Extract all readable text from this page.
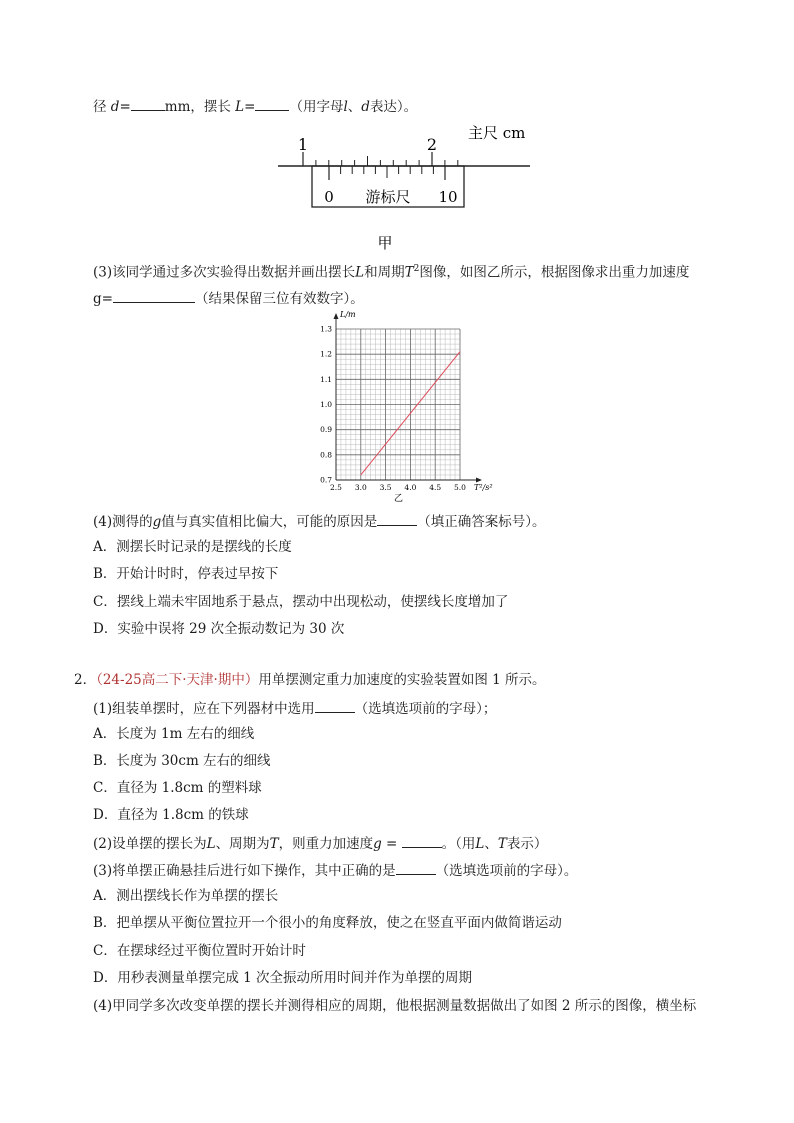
径 d=	mm，摆长 L=	（用字母l、d表达）。
1	2
主尺 cm
0	10
游标尺
甲
(3)该同学通过多次实验得出数据并画出摆长L和周期$T^2$图像，如图乙所示，根据图像求出重力加速度
g=	（结果保留三位有效数字）。
2.5 3.0 3.5 4.0 4.5 5.0
0.7
0.8
0.9
1.0
1.1
1.2
1.3
L/m
T²/s²
乙
(4)测得的g值与真实值相比偏大，可能的原因是	（填正确答案标号）。
A．测摆长时记录的是摆线的长度
B．开始计时时，停表过早按下
C．摆线上端未牢固地系于悬点，摆动中出现松动，使摆线长度增加了
D．实验中误将 29 次全振动数记为 30 次
2．（24-25高二下·天津·期中）用单摆测定重力加速度的实验装置如图 1 所示。
(1)组装单摆时，应在下列器材中选用	（选填选项前的字母）；
A．长度为 1m 左右的细线
B．长度为 30cm 左右的细线
C．直径为 1.8cm 的塑料球
D．直径为 1.8cm 的铁球
(2)设单摆的摆长为L、周期为T，则重力加速度g =	。（用L、T表示）
(3)将单摆正确悬挂后进行如下操作，其中正确的是	（选填选项前的字母）。
A．测出摆线长作为单摆的摆长
B．把单摆从平衡位置拉开一个很小的角度释放，使之在竖直平面内做简谐运动
C．在摆球经过平衡位置时开始计时
D．用秒表测量单摆完成 1 次全振动所用时间并作为单摆的周期
(4)甲同学多次改变单摆的摆长并测得相应的周期，他根据测量数据做出了如图 2 所示的图像，横坐标
